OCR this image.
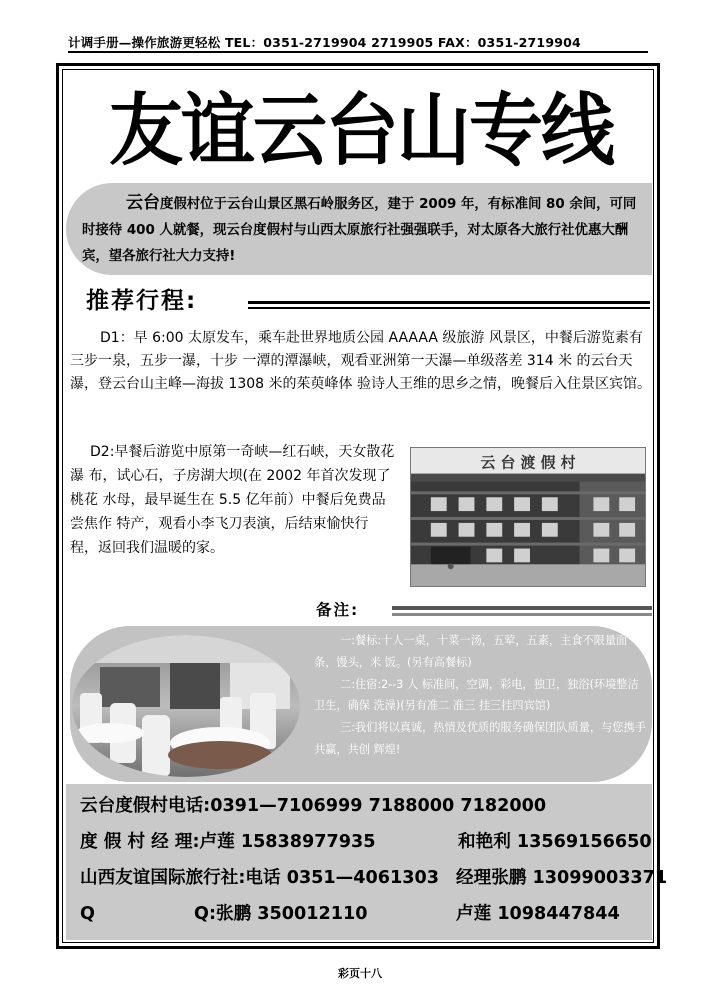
计调手册—操作旅游更轻松 TEL：0351-2719904 2719905 FAX：0351-2719904
友谊云台山专线
云台度假村位于云台山景区黑石岭服务区，建于 2009 年，有标准间 80 余间，可同时接待 400 人就餐，现云台度假村与山西太原旅行社强强联手，对太原各大旅行社优惠大酬宾，望各旅行社大力支持!
推荐行程:
D1：早 6:00 太原发车，乘车赴世界地质公园 AAAAA 级旅游 风景区，中餐后游览素有三步一泉，五步一瀑，十步 一潭的潭瀑峡，观看亚洲第一天瀑—单级落差 314 米 的云台天瀑，登云台山主峰—海拔 1308 米的茱萸峰体 验诗人王维的思乡之情，晚餐后入住景区宾馆。
D2:早餐后游览中原第一奇峡—红石峡，天女散花瀑 布，试心石，子房湖大坝(在 2002 年首次发现了桃花 水母，最早诞生在 5.5 亿年前）中餐后免费品尝焦作 特产，观看小李飞刀表演，后结束愉快行程，返回我们温暖的家。
云 台 渡 假 村
备注:

一:餐标:十人一桌，十菜一汤，五荤，五素，主食不限量面条，馒头，米 饭。(另有高餐标)

二:住宿:2--3 人 标准间，空调，彩电，独卫，独浴(环境整洁卫生，确保 洗澡)(另有准二 准三 挂三挂四宾馆)

三:我们将以真诚，热情及优质的服务确保团队质量，与您携手共赢，共创 辉煌!

云台度假村电话:0391—7106999 7188000 7182000
度 假 村 经 理:卢莲 15838977935	和艳利 13569156650
山西友谊国际旅行社:电话 0351—4061303 经理张鹏 13099003371
Q	Q:张鹏 350012110	卢莲 1098447844
彩页十八
